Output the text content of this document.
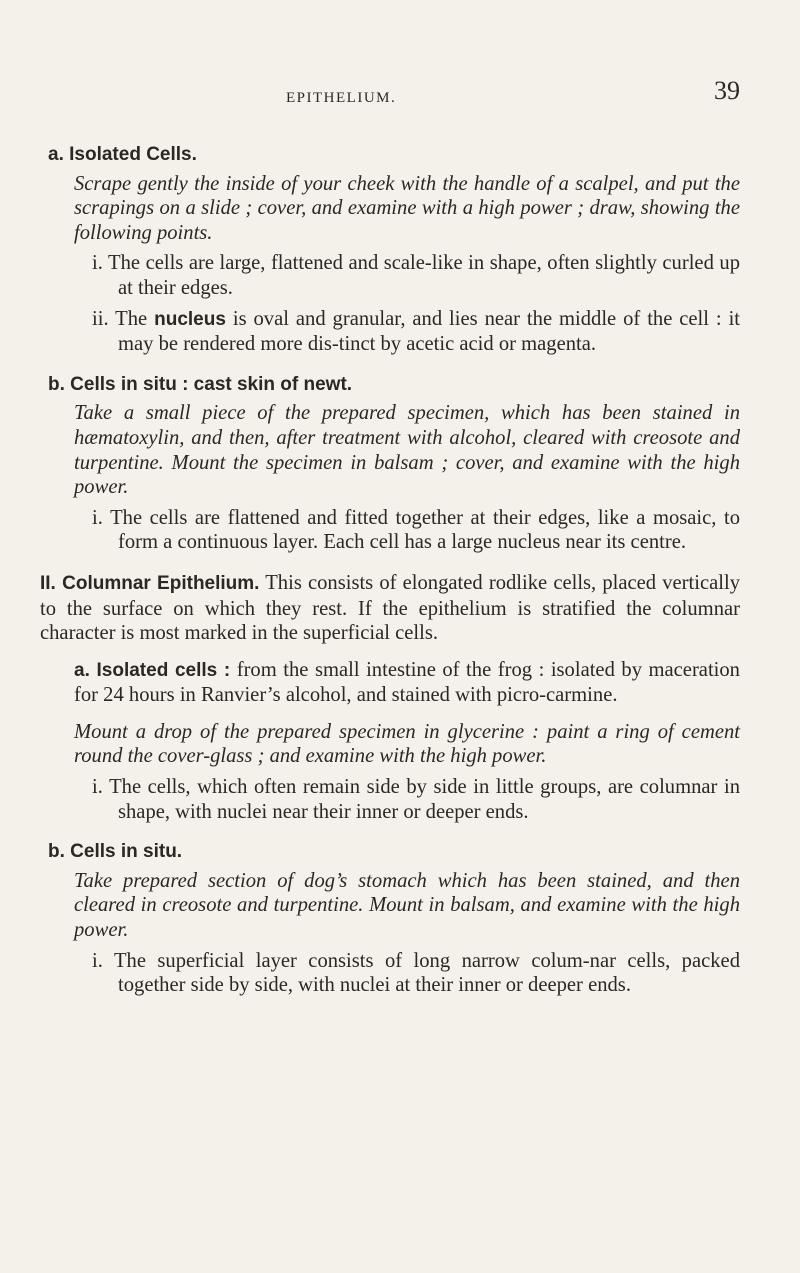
EPITHELIUM.	39

a. Isolated Cells.

Scrape gently the inside of your cheek with the handle of a scalpel, and put the scrapings on a slide ; cover, and examine with a high power ; draw, showing the following points.

i. The cells are large, flattened and scale-like in shape, often slightly curled up at their edges.

ii. The nucleus is oval and granular, and lies near the middle of the cell : it may be rendered more dis-tinct by acetic acid or magenta.

b. Cells in situ : cast skin of newt.

Take a small piece of the prepared specimen, which has been stained in hæmatoxylin, and then, after treatment with alcohol, cleared with creosote and turpentine. Mount the specimen in balsam ; cover, and examine with the high power.

i. The cells are flattened and fitted together at their edges, like a mosaic, to form a continuous layer. Each cell has a large nucleus near its centre.

II. Columnar Epithelium. This consists of elongated rodlike cells, placed vertically to the surface on which they rest. If the epithelium is stratified the columnar character is most marked in the superficial cells.

a. Isolated cells : from the small intestine of the frog : isolated by maceration for 24 hours in Ranvier’s alcohol, and stained with picro-carmine.

Mount a drop of the prepared specimen in glycerine : paint a ring of cement round the cover-glass ; and examine with the high power.

i. The cells, which often remain side by side in little groups, are columnar in shape, with nuclei near their inner or deeper ends.

b. Cells in situ.

Take prepared section of dog’s stomach which has been stained, and then cleared in creosote and turpentine. Mount in balsam, and examine with the high power.

i. The superficial layer consists of long narrow colum-nar cells, packed together side by side, with nuclei at their inner or deeper ends.
